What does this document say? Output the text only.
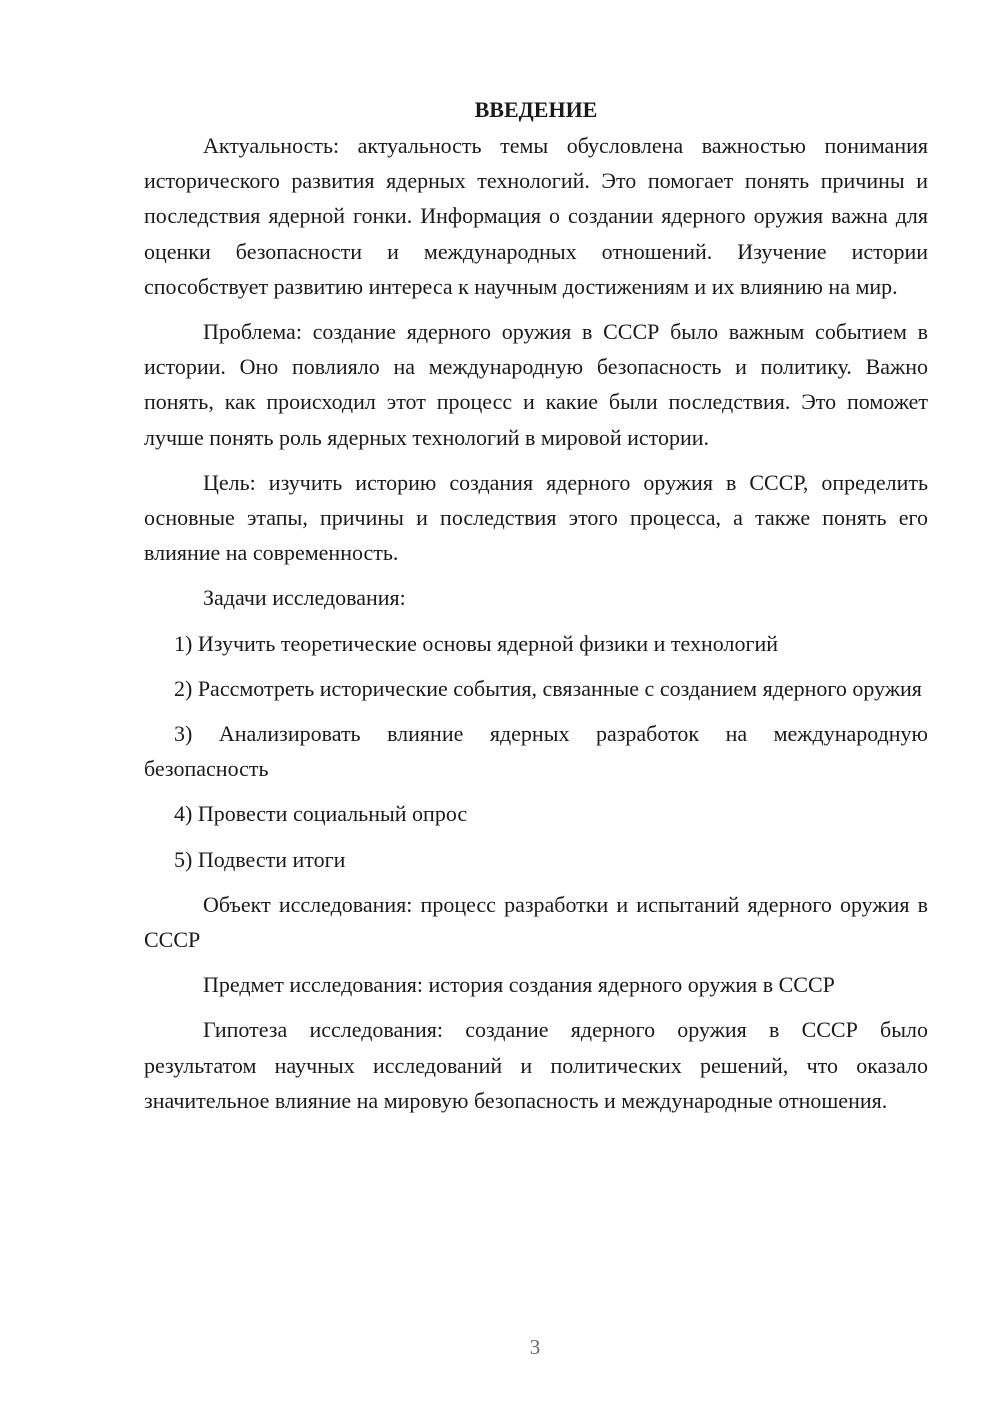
ВВЕДЕНИЕ

Актуальность: актуальность темы обусловлена важностью понимания исторического развития ядерных технологий. Это помогает понять причины и последствия ядерной гонки. Информация о создании ядерного оружия важна для оценки безопасности и международных отношений. Изучение истории способствует развитию интереса к научным достижениям и их влиянию на мир.

Проблема: создание ядерного оружия в СССР было важным событием в истории. Оно повлияло на международную безопасность и политику. Важно понять, как происходил этот процесс и какие были последствия. Это поможет лучше понять роль ядерных технологий в мировой истории.

Цель: изучить историю создания ядерного оружия в СССР, определить основные этапы, причины и последствия этого процесса, а также понять его влияние на современность.

Задачи исследования:

1) Изучить теоретические основы ядерной физики и технологий

2) Рассмотреть исторические события, связанные с созданием ядерного оружия

3) Анализировать влияние ядерных разработок на международную безопасность

4) Провести социальный опрос

5) Подвести итоги

Объект исследования: процесс разработки и испытаний ядерного оружия в СССР

Предмет исследования: история создания ядерного оружия в СССР

Гипотеза исследования: создание ядерного оружия в СССР было результатом научных исследований и политических решений, что оказало значительное влияние на мировую безопасность и международные отношения.

3
